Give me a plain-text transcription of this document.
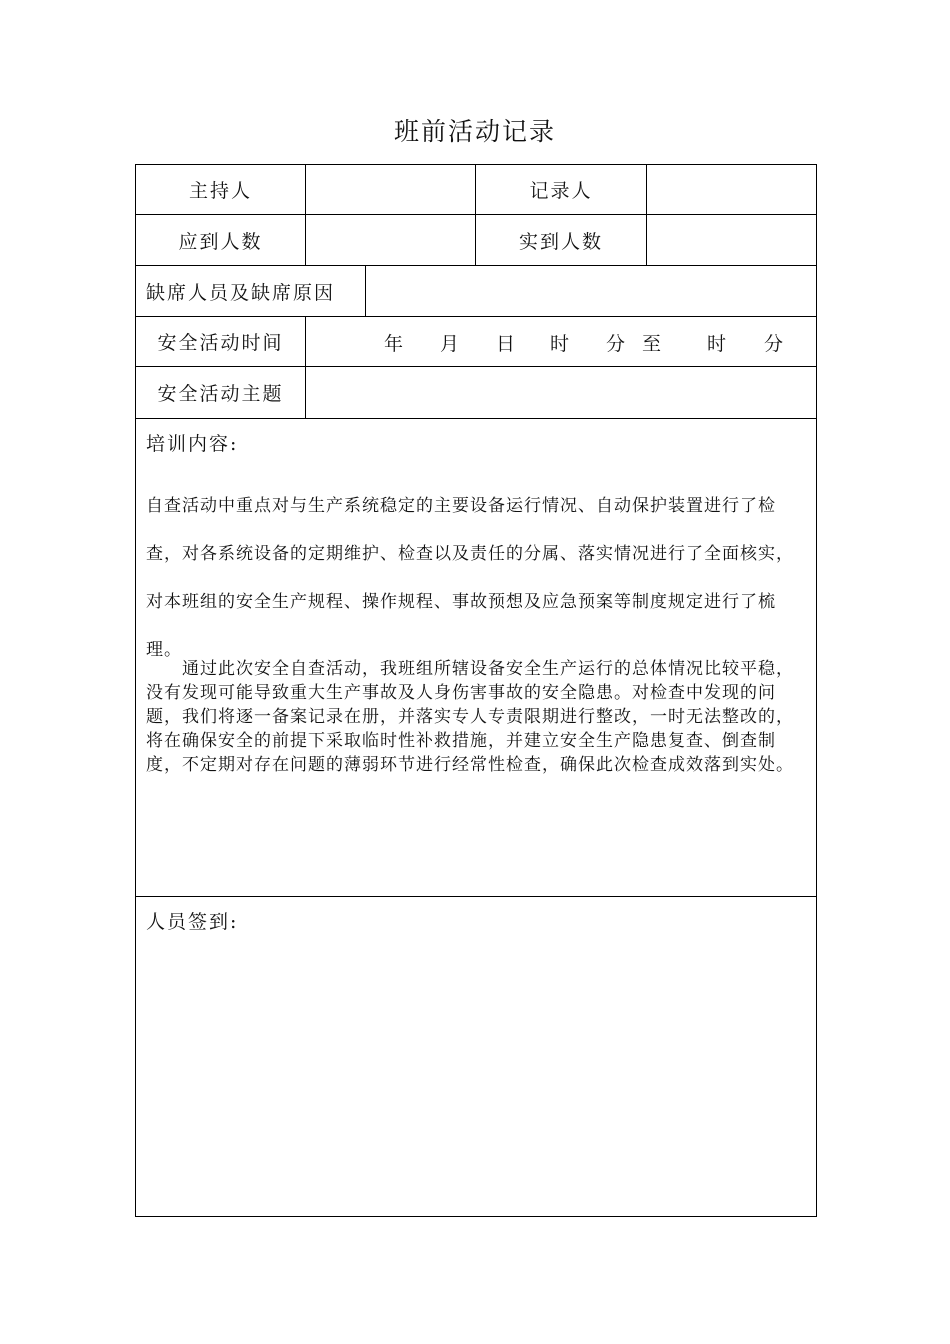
班前活动记录
主持人	记录人
应到人数	实到人数
缺席人员及缺席原因
安全活动时间	年 月 日 时 分 至 时 分
安全活动主题
培训内容:
自查活动中重点对与生产系统稳定的主要设备运行情况、自动保护装置进行了检查，对各系统设备的定期维护、检查以及责任的分属、落实情况进行了全面核实，对本班组的安全生产规程、操作规程、事故预想及应急预案等制度规定进行了梳理。
通过此次安全自查活动，我班组所辖设备安全生产运行的总体情况比较平稳，没有发现可能导致重大生产事故及人身伤害事故的安全隐患。对检查中发现的问题，我们将逐一备案记录在册，并落实专人专责限期进行整改，一时无法整改的，将在确保安全的前提下采取临时性补救措施，并建立安全生产隐患复查、倒查制度，不定期对存在问题的薄弱环节进行经常性检查，确保此次检查成效落到实处。
人员签到:
